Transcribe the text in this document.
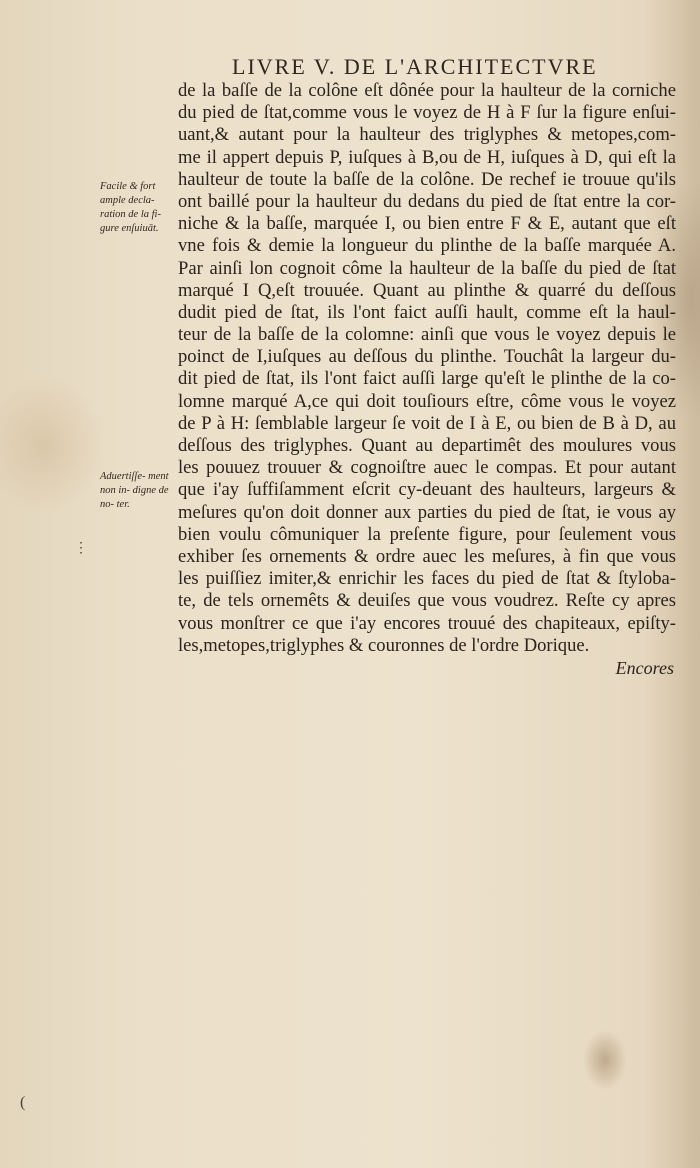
LIVRE V. DE L'ARCHITECTVRE
de la baſſe de la colône eſt dônée pour la haulteur de la corniche
du pied de ſtat,comme vous le voyez de H à F ſur la figure enſui-
uant,& autant pour la haulteur des triglyphes & metopes,com-
me il appert depuis P, iuſques à B,ou de H, iuſques à D, qui eſt la
haulteur de toute la baſſe de la colône. De rechef ie trouue qu'ils
ont baillé pour la haulteur du dedans du pied de ſtat entre la cor-
niche & la baſſe, marquée I, ou bien entre F & E, autant que eſt
vne fois & demie la longueur du plinthe de la baſſe marquée A.
Par ainſi lon cognoit côme la haulteur de la baſſe du pied de ſtat
marqué I Q,eſt trouuée. Quant au plinthe & quarré du deſſous
dudit pied de ſtat, ils l'ont faict auſſi hault, comme eſt la haul-
teur de la baſſe de la colomne: ainſi que vous le voyez depuis le
poinct de I,iuſques au deſſous du plinthe. Touchât la largeur du-
dit pied de ſtat, ils l'ont faict auſſi large qu'eſt le plinthe de la co-
lomne marqué A,ce qui doit touſiours eſtre, côme vous le voyez
de P à H: ſemblable largeur ſe voit de I à E, ou bien de B à D, au
deſſous des triglyphes. Quant au departimêt des moulures vous
les pouuez trouuer & cognoiſtre auec le compas. Et pour autant
que i'ay ſuffiſamment eſcrit cy-deuant des haulteurs, largeurs &
meſures qu'on doit donner aux parties du pied de ſtat, ie vous ay
bien voulu cômuniquer la preſente figure, pour ſeulement vous
exhiber ſes ornements & ordre auec les meſures, à fin que vous
les puiſſiez imiter,& enrichir les faces du pied de ſtat & ſtyloba-
te, de tels ornemêts & deuiſes que vous voudrez. Reſte cy apres
vous monſtrer ce que i'ay encores trouué des chapiteaux, epiſty-
les,metopes,triglyphes & couronnes de l'ordre Dorique.
Facile & fort ample decla- ration de la fi- gure enſuiuāt.
Aduertiſſe- ment non in- digne de no- ter.
⋮
(
Encores
